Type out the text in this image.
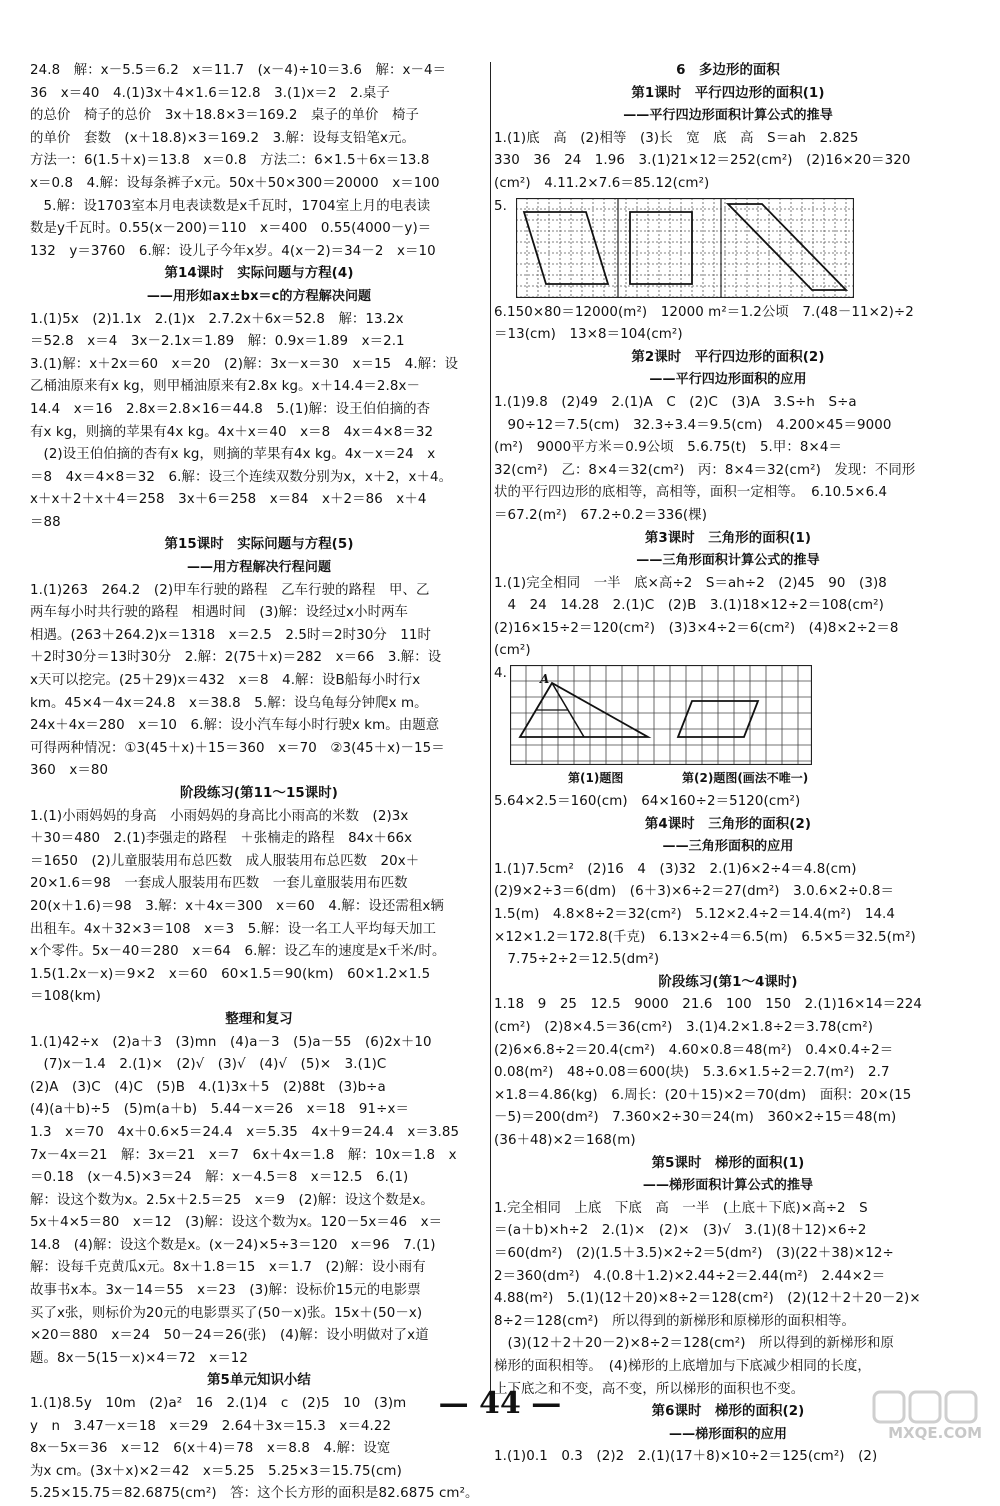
24.8　解：x－5.5＝6.2　x＝11.7　(x－4)÷10＝3.6　解：x－4＝
36　x＝40　4.(1)3x＋4×1.6＝12.8　3.(1)x＝2　2.桌子
的总价　椅子的总价　3x＋18.8×3＝169.2　桌子的单价　椅子
的单价　套数　(x＋18.8)×3＝169.2　3.解：设每支铅笔x元。
方法一：6(1.5＋x)＝13.8　x＝0.8　方法二：6×1.5＋6x＝13.8
x＝0.8　4.解：设每条裤子x元。50x＋50×300＝20000　x＝100
　5.解：设1703室本月电表读数是x千瓦时，1704室上月的电表读
数是y千瓦时。0.55(x－200)＝110　x＝400　0.55(4000－y)＝
132　y＝3760　6.解：设儿子今年x岁。4(x－2)＝34－2　x＝10
第14课时　实际问题与方程(4)
——用形如ax±bx＝c的方程解决问题
1.(1)5x　(2)1.1x　2.(1)x　2.7.2x＋6x＝52.8　解：13.2x
＝52.8　x＝4　3x－2.1x＝1.89　解：0.9x＝1.89　x＝2.1
3.(1)解：x＋2x＝60　x＝20　(2)解：3x－x＝30　x＝15　4.解：设
乙桶油原来有x kg，则甲桶油原来有2.8x kg。x＋14.4＝2.8x－
14.4　x＝16　2.8x＝2.8×16＝44.8　5.(1)解：设王伯伯摘的杏
有x kg，则摘的苹果有4x kg。4x＋x＝40　x＝8　4x＝4×8＝32
　(2)设王伯伯摘的杏有x kg，则摘的苹果有4x kg。4x－x＝24　x
＝8　4x＝4×8＝32　6.解：设三个连续双数分别为x，x＋2，x＋4。
x＋x＋2＋x＋4＝258　3x＋6＝258　x＝84　x＋2＝86　x＋4
＝88
第15课时　实际问题与方程(5)
——用方程解决行程问题
1.(1)263　264.2　(2)甲车行驶的路程　乙车行驶的路程　甲、乙
两车每小时共行驶的路程　相遇时间　(3)解：设经过x小时两车
相遇。(263＋264.2)x＝1318　x＝2.5　2.5时＝2时30分　11时
＋2时30分＝13时30分　2.解：2(75＋x)＝282　x＝66　3.解：设
x天可以挖完。(25＋29)x＝432　x＝8　4.解：设B船每小时行x
km。45×4－4x＝24.8　x＝38.8　5.解：设乌龟每分钟爬x m。
24x＋4x＝280　x＝10　6.解：设小汽车每小时行驶x km。由题意
可得两种情况：①3(45＋x)＋15＝360　x＝70　②3(45＋x)－15＝
360　x＝80
阶段练习(第11～15课时)
1.(1)小雨妈妈的身高　小雨妈妈的身高比小雨高的米数　(2)3x
＋30＝480　2.(1)李强走的路程　＋张楠走的路程　84x＋66x
＝1650　(2)儿童服装用布总匹数　成人服装用布总匹数　20x＋
20×1.6＝98　一套成人服装用布匹数　一套儿童服装用布匹数
20(x＋1.6)＝98　3.解：x＋4x＝300　x＝60　4.解：设还需租x辆
出租车。4x＋32×3＝108　x＝3　5.解：设一名工人平均每天加工
x个零件。5x－40＝280　x＝64　6.解：设乙车的速度是x千米/时。
1.5(1.2x－x)＝9×2　x＝60　60×1.5＝90(km)　60×1.2×1.5
＝108(km)
整理和复习
1.(1)42÷x　(2)a＋3　(3)mn　(4)a－3　(5)a－55　(6)2x＋10
　(7)x－1.4　2.(1)×　(2)√　(3)√　(4)√　(5)×　3.(1)C
(2)A　(3)C　(4)C　(5)B　4.(1)3x＋5　(2)88t　(3)b÷a
(4)(a＋b)÷5　(5)m(a＋b)　5.44－x＝26　x＝18　91÷x＝
1.3　x＝70　4x＋0.6×5＝24.4　x＝5.35　4x＋9＝24.4　x＝3.85
7x－4x＝21　解：3x＝21　x＝7　6x＋4x＝1.8　解：10x＝1.8　x
＝0.18　(x－4.5)×3＝24　解：x－4.5＝8　x＝12.5　6.(1)
解：设这个数为x。2.5x＋2.5＝25　x＝9　(2)解：设这个数是x。
5x＋4×5＝80　x＝12　(3)解：设这个数为x。120－5x＝46　x＝
14.8　(4)解：设这个数是x。(x－24)×5÷3＝120　x＝96　7.(1)
解：设每千克黄瓜x元。8x＋1.8＝15　x＝1.7　(2)解：设小雨有
故事书x本。3x－14＝55　x＝23　(3)解：设标价15元的电影票
买了x张，则标价为20元的电影票买了(50－x)张。15x＋(50－x)
×20＝880　x＝24　50－24＝26(张)　(4)解：设小明做对了x道
题。8x－5(15－x)×4＝72　x＝12
第5单元知识小结
1.(1)8.5y　10m　(2)a²　16　2.(1)4　c　(2)5　10　(3)m
y　n　3.47－x＝18　x＝29　2.64＋3x＝15.3　x＝4.22
8x－5x＝36　x＝12　6(x＋4)＝78　x＝8.8　4.解：设宽
为x cm。(3x＋x)×2＝42　x＝5.25　5.25×3＝15.75(cm)
5.25×15.75＝82.6875(cm²)　答：这个长方形的面积是82.6875 cm²。
6　多边形的面积
第1课时　平行四边形的面积(1)
——平行四边形面积计算公式的推导
1.(1)底　高　(2)相等　(3)长　宽　底　高　S＝ah　2.825
330　36　24　1.96　3.(1)21×12＝252(cm²)　(2)16×20＝320
(cm²)　4.11.2×7.6＝85.12(cm²)
5.
6.150×80＝12000(m²)　12000 m²＝1.2公顷　7.(48－11×2)÷2
＝13(cm)　13×8＝104(cm²)
第2课时　平行四边形的面积(2)
——平行四边形面积的应用
1.(1)9.8　(2)49　2.(1)A　C　(2)C　(3)A　3.S÷h　S÷a
　90÷12＝7.5(cm)　32.3÷3.4＝9.5(cm)　4.200×45＝9000
(m²)　9000平方米＝0.9公顷　5.6.75(t)　5.甲：8×4＝
32(cm²)　乙：8×4＝32(cm²)　丙：8×4＝32(cm²)　发现：不同形
状的平行四边形的底相等，高相等，面积一定相等。　6.10.5×6.4
＝67.2(m²)　67.2÷0.2＝336(棵)
第3课时　三角形的面积(1)
——三角形面积计算公式的推导
1.(1)完全相同　一半　底×高÷2　S＝ah÷2　(2)45　90　(3)8
　4　24　14.28　2.(1)C　(2)B　3.(1)18×12÷2＝108(cm²)
(2)16×15÷2＝120(cm²)　(3)3×4÷2＝6(cm²)　(4)8×2÷2＝8
(cm²)
4.	A
第(1)题图	第(2)题图(画法不唯一)
5.64×2.5＝160(cm)　64×160÷2＝5120(cm²)
第4课时　三角形的面积(2)
——三角形面积的应用
1.(1)7.5cm²　(2)16　4　(3)32　2.(1)6×2÷4＝4.8(cm)
(2)9×2÷3＝6(dm)　(6＋3)×6÷2＝27(dm²)　3.0.6×2÷0.8＝
1.5(m)　4.8×8÷2＝32(cm²)　5.12×2.4÷2＝14.4(m²)　14.4
×12×1.2＝172.8(千克)　6.13×2÷4＝6.5(m)　6.5×5＝32.5(m²)
　7.75÷2÷2＝12.5(dm²)
阶段练习(第1～4课时)
1.18　9　25　12.5　9000　21.6　100　150　2.(1)16×14＝224
(cm²)　(2)8×4.5＝36(cm²)　3.(1)4.2×1.8÷2＝3.78(cm²)
(2)6×6.8÷2＝20.4(cm²)　4.60×0.8＝48(m²)　0.4×0.4÷2＝
0.08(m²)　48÷0.08＝600(块)　5.3.6×1.5÷2＝2.7(m²)　2.7
×1.8＝4.86(kg)　6.周长：(20＋15)×2＝70(dm)　面积：20×(15
－5)＝200(dm²)　7.360×2÷30＝24(m)　360×2÷15＝48(m)
(36＋48)×2＝168(m)
第5课时　梯形的面积(1)
——梯形面积计算公式的推导
1.完全相同　上底　下底　高　一半　(上底＋下底)×高÷2　S
＝(a＋b)×h÷2　2.(1)×　(2)×　(3)√　3.(1)(8＋12)×6÷2
＝60(dm²)　(2)(1.5＋3.5)×2÷2＝5(dm²)　(3)(22＋38)×12÷
2＝360(dm²)　4.(0.8＋1.2)×2.44÷2＝2.44(m²)　2.44×2＝
4.88(m²)　5.(1)(12＋20)×8÷2＝128(cm²)　(2)(12＋2＋20－2)×
8÷2＝128(cm²)　所以得到的新梯形和原梯形的面积相等。
　(3)(12＋2＋20－2)×8÷2＝128(cm²)　所以得到的新梯形和原
梯形的面积相等。　(4)梯形的上底增加与下底减少相同的长度，
上下底之和不变，高不变，所以梯形的面积也不变。
第6课时　梯形的面积(2)
——梯形面积的应用
1.(1)0.1　0.3　(2)2　2.(1)(17＋8)×10÷2＝125(cm²)　(2)
— 44 —
MXQE.COM
